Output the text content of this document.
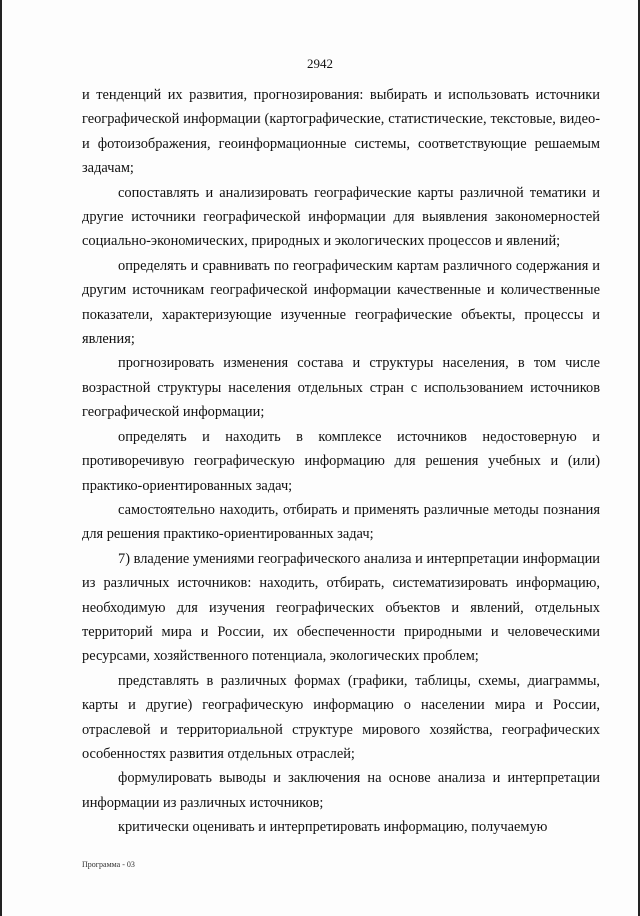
2942

и тенденций их развития, прогнозирования: выбирать и использовать источники географической информации (картографические, статистические, текстовые, видео- и фотоизображения, геоинформационные системы, соответствующие решаемым задачам;

сопоставлять и анализировать географические карты различной тематики и другие источники географической информации для выявления закономерностей социально-экономических, природных и экологических процессов и явлений;

определять и сравнивать по географическим картам различного содержания и другим источникам географической информации качественные и количественные показатели, характеризующие изученные географические объекты, процессы и явления;

прогнозировать изменения состава и структуры населения, в том числе возрастной структуры населения отдельных стран с использованием источников географической информации;

определять и находить в комплексе источников недостоверную и противоречивую географическую информацию для решения учебных и (или) практико-ориентированных задач;

самостоятельно находить, отбирать и применять различные методы познания для решения практико-ориентированных задач;

7) владение умениями географического анализа и интерпретации информации из различных источников: находить, отбирать, систематизировать информацию, необходимую для изучения географических объектов и явлений, отдельных территорий мира и России, их обеспеченности природными и человеческими ресурсами, хозяйственного потенциала, экологических проблем;

представлять в различных формах (графики, таблицы, схемы, диаграммы, карты и другие) географическую информацию о населении мира и России, отраслевой и территориальной структуре мирового хозяйства, географических особенностях развития отдельных отраслей;

формулировать выводы и заключения на основе анализа и интерпретации информации из различных источников;

критически оценивать и интерпретировать информацию, получаемую

Программа - 03
